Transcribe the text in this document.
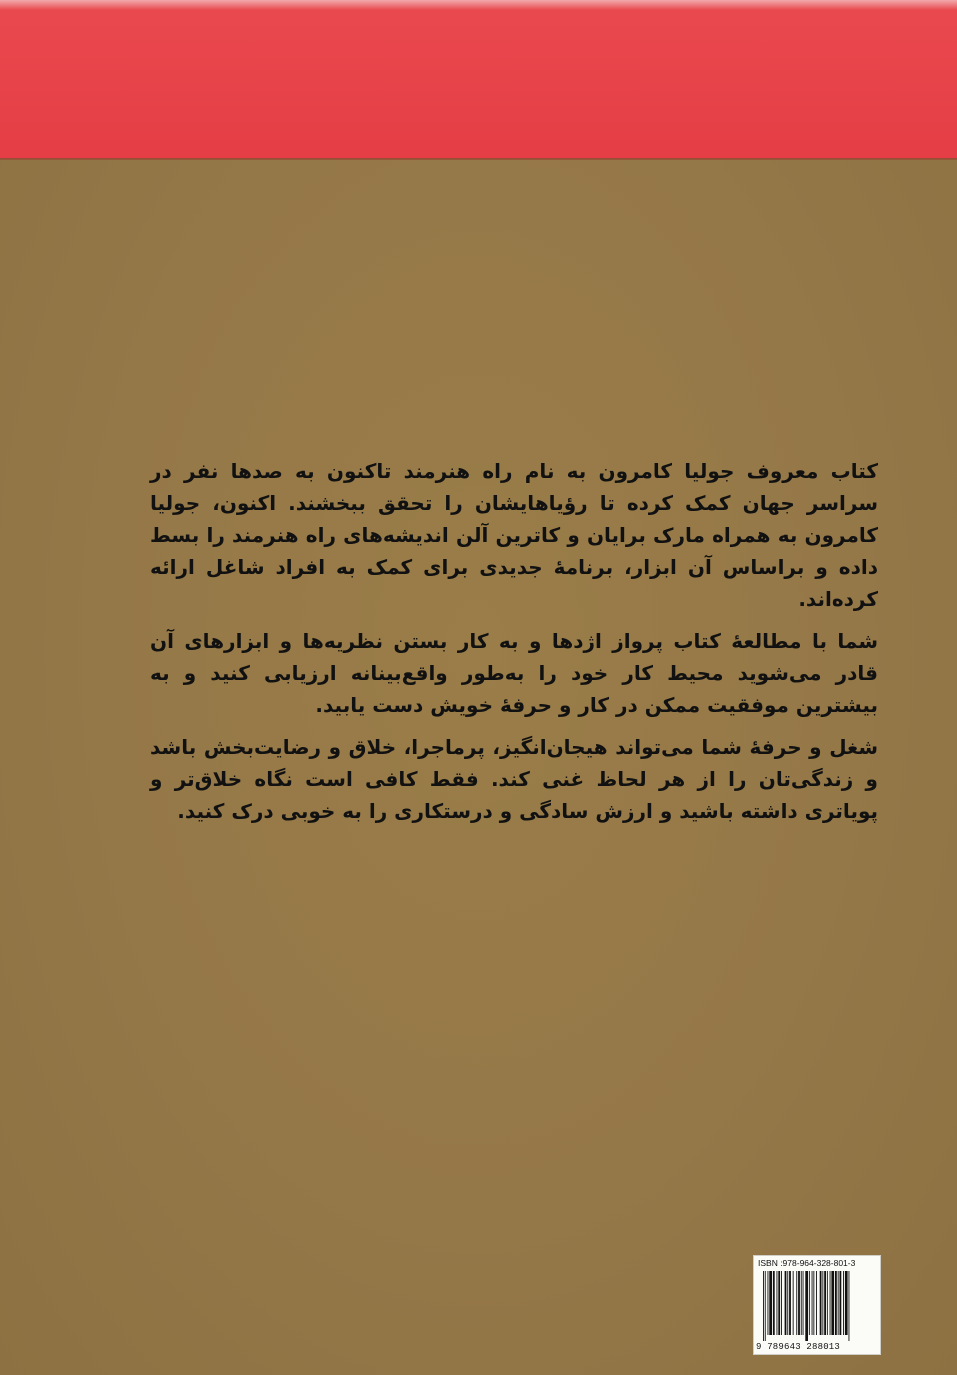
کتاب معروف جولیا کامرون به نام راه هنرمند تاکنون به صدها نفر در سراسر جهان کمک کرده تا رؤیاهایشان را تحقق ببخشند. اکنون، جولیا کامرون به همراه مارک برایان و کاترین آلن اندیشه‌های راه هنرمند را بسط داده و براساس آن ابزار، برنامهٔ جدیدی برای کمک به افراد شاغل ارائه کرده‌اند.

شما با مطالعهٔ کتاب پرواز اژدها و به کار بستن نظریه‌ها و ابزارهای آن قادر می‌شوید محیط کار خود را به‌طور واقع‌بینانه ارزیابی کنید و به بیشترین موفقیت ممکن در کار و حرفهٔ خویش دست یابید.

شغل و حرفهٔ شما می‌تواند هیجان‌انگیز، پرماجرا، خلاق و رضایت‌بخش باشد و زندگی‌تان را از هر لحاظ غنی کند. فقط کافی است نگاه خلاق‌تر و پویاتری داشته باشید و ارزش سادگی و درستکاری را به خوبی درک کنید.

ISBN :978-964-328-801-3
9 789643 288013
